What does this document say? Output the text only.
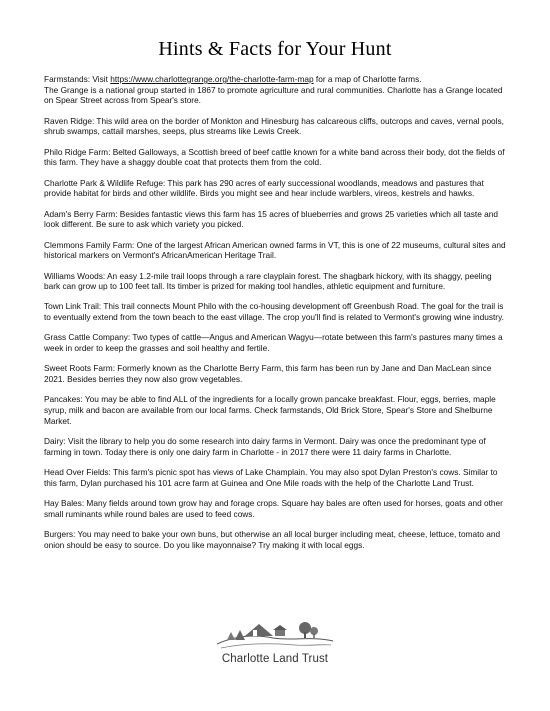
Hints & Facts for Your Hunt

Farmstands: Visit https://www.charlottegrange.org/the-charlotte-farm-map for a map of Charlotte farms.

The Grange is a national group started in 1867 to promote agriculture and rural communities. Charlotte has a Grange located on Spear Street across from Spear's store.

Raven Ridge: This wild area on the border of Monkton and Hinesburg has calcareous cliffs, outcrops and caves, vernal pools, shrub swamps, cattail marshes, seeps, plus streams like Lewis Creek.

Philo Ridge Farm: Belted Galloways, a Scottish breed of beef cattle known for a white band across their body, dot the fields of this farm. They have a shaggy double coat that protects them from the cold.

Charlotte Park & Wildlife Refuge: This park has 290 acres of early successional woodlands, meadows and pastures that provide habitat for birds and other wildlife. Birds you might see and hear include warblers, vireos, kestrels and hawks.

Adam's Berry Farm: Besides fantastic views this farm has 15 acres of blueberries and grows 25 varieties which all taste and look different. Be sure to ask which variety you picked.

Clemmons Family Farm: One of the largest African American owned farms in VT, this is one of 22 museums, cultural sites and historical markers on Vermont's AfricanAmerican Heritage Trail.

Williams Woods: An easy 1.2-mile trail loops through a rare clayplain forest. The shagbark hickory, with its shaggy, peeling bark can grow up to 100 feet tall. Its timber is prized for making tool handles, athletic equipment and furniture.

Town Link Trail: This trail connects Mount Philo with the co-housing development off Greenbush Road. The goal for the trail is to eventually extend from the town beach to the east village. The crop you'll find is related to Vermont's growing wine industry.

Grass Cattle Company: Two types of cattle—Angus and American Wagyu—rotate between this farm's pastures many times a week in order to keep the grasses and soil healthy and fertile.

Sweet Roots Farm: Formerly known as the Charlotte Berry Farm, this farm has been run by Jane and Dan MacLean since 2021. Besides berries they now also grow vegetables.

Pancakes: You may be able to find ALL of the ingredients for a locally grown pancake breakfast. Flour, eggs, berries, maple syrup, milk and bacon are available from our local farms. Check farmstands, Old Brick Store, Spear's Store and Shelburne Market.

Dairy: Visit the library to help you do some research into dairy farms in Vermont. Dairy was once the predominant type of farming in town. Today there is only one dairy farm in Charlotte - in 2017 there were 11 dairy farms in Charlotte.

Head Over Fields: This farm's picnic spot has views of Lake Champlain. You may also spot Dylan Preston's cows. Similar to this farm, Dylan purchased his 101 acre farm at Guinea and One Mile roads with the help of the Charlotte Land Trust.

Hay Bales: Many fields around town grow hay and forage crops. Square hay bales are often used for horses, goats and other small ruminants while round bales are used to feed cows.

Burgers: You may need to bake your own buns, but otherwise an all local burger including meat, cheese, lettuce, tomato and onion should be easy to source. Do you like mayonnaise? Try making it with local eggs.

Charlotte Land Trust
